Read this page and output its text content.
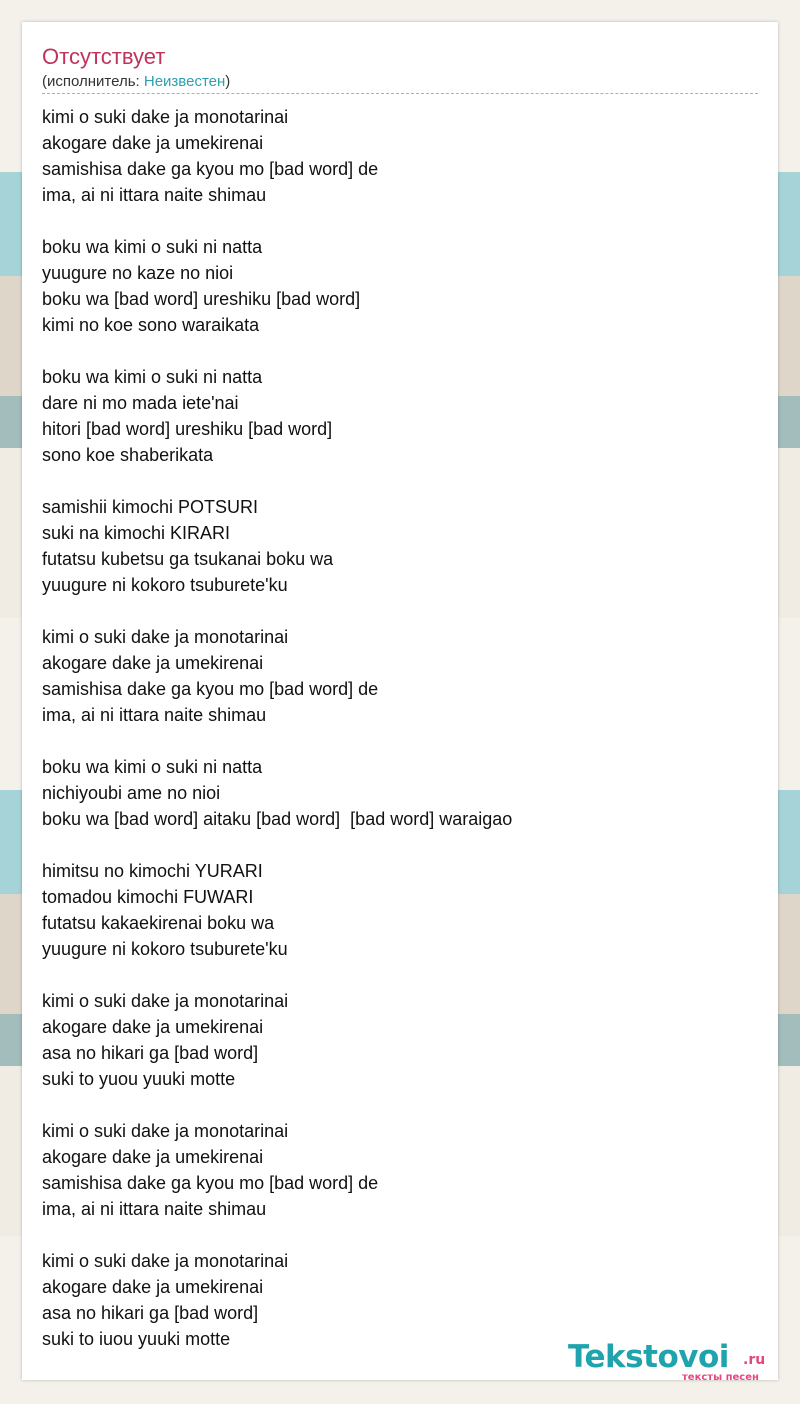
Отсутствует
(исполнитель: Неизвестен)
kimi o suki dake ja monotarinai
akogare dake ja umekirenai
samishisa dake ga kyou mo [bad word] de
ima, ai ni ittara naite shimau
boku wa kimi o suki ni natta
yuugure no kaze no nioi
boku wa [bad word] ureshiku [bad word]
kimi no koe sono waraikata
boku wa kimi o suki ni natta
dare ni mo mada iete'nai
hitori [bad word] ureshiku [bad word]
sono koe shaberikata
samishii kimochi POTSURI
suki na kimochi KIRARI
futatsu kubetsu ga tsukanai boku wa
yuugure ni kokoro tsuburete'ku
kimi o suki dake ja monotarinai
akogare dake ja umekirenai
samishisa dake ga kyou mo [bad word] de
ima, ai ni ittara naite shimau
boku wa kimi o suki ni natta
nichiyoubi ame no nioi
boku wa [bad word] aitaku [bad word]  [bad word] waraigao
himitsu no kimochi YURARI
tomadou kimochi FUWARI
futatsu kakaekirenai boku wa
yuugure ni kokoro tsuburete'ku
kimi o suki dake ja monotarinai
akogare dake ja umekirenai
asa no hikari ga [bad word]
suki to yuou yuuki motte
kimi o suki dake ja monotarinai
akogare dake ja umekirenai
samishisa dake ga kyou mo [bad word] de
ima, ai ni ittara naite shimau
kimi o suki dake ja monotarinai
akogare dake ja umekirenai
asa no hikari ga [bad word]
suki to iuou yuuki motte	Tekstovoi .ru
тексты песен
